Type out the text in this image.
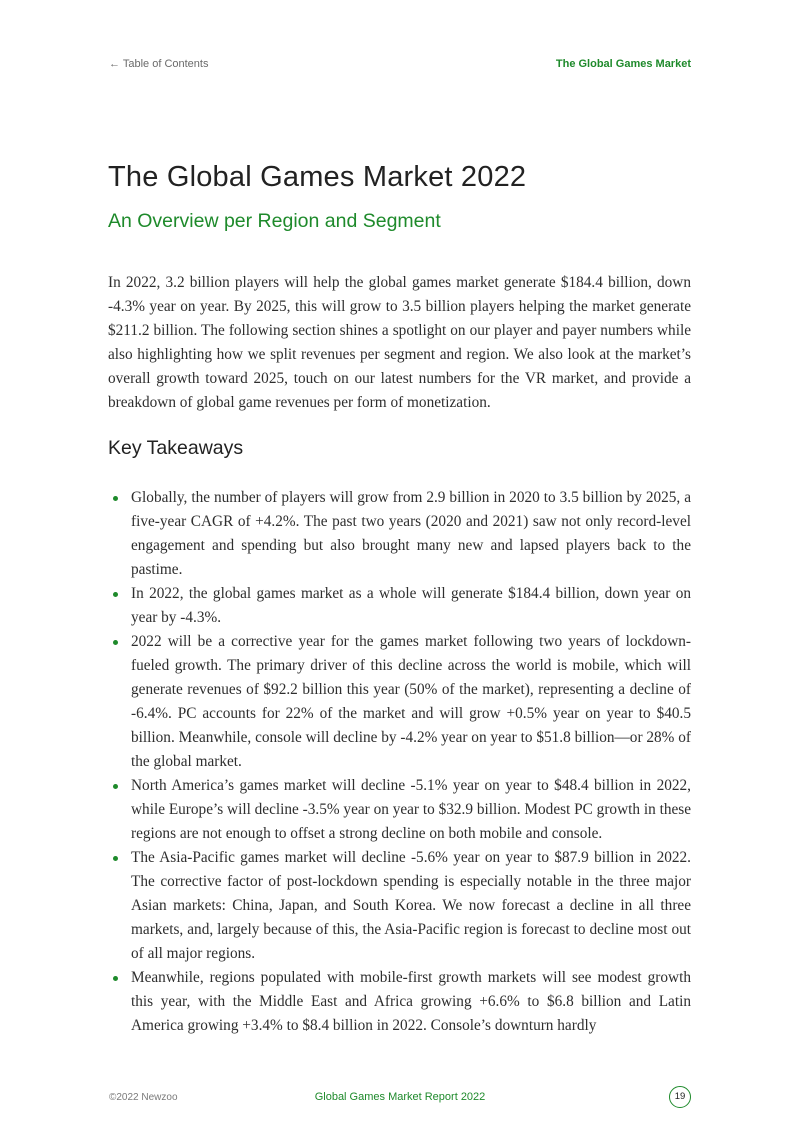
← Table of Contents	The Global Games Market
The Global Games Market 2022
An Overview per Region and Segment

In 2022, 3.2 billion players will help the global games market generate $184.4 billion, down -4.3% year on year. By 2025, this will grow to 3.5 billion players helping the market generate $211.2 billion. The following section shines a spotlight on our player and payer numbers while also highlighting how we split revenues per segment and region. We also look at the market’s overall growth toward 2025, touch on our latest numbers for the VR market, and provide a breakdown of global game revenues per form of monetization.

Key Takeaways
Globally, the number of players will grow from 2.9 billion in 2020 to 3.5 billion by 2025, a five-year CAGR of +4.2%. The past two years (2020 and 2021) saw not only record-level engagement and spending but also brought many new and lapsed players back to the pastime.
In 2022, the global games market as a whole will generate $184.4 billion, down year on year by -4.3%.
2022 will be a corrective year for the games market following two years of lockdown-fueled growth. The primary driver of this decline across the world is mobile, which will generate revenues of $92.2 billion this year (50% of the market), representing a decline of -6.4%. PC accounts for 22% of the market and will grow +0.5% year on year to $40.5 billion. Meanwhile, console will decline by -4.2% year on year to $51.8 billion—or 28% of the global market.
North America’s games market will decline -5.1% year on year to $48.4 billion in 2022, while Europe’s will decline -3.5% year on year to $32.9 billion. Modest PC growth in these regions are not enough to offset a strong decline on both mobile and console.
The Asia-Pacific games market will decline -5.6% year on year to $87.9 billion in 2022. The corrective factor of post-lockdown spending is especially notable in the three major Asian markets: China, Japan, and South Korea. We now forecast a decline in all three markets, and, largely because of this, the Asia-Pacific region is forecast to decline most out of all major regions.
Meanwhile, regions populated with mobile-first growth markets will see modest growth this year, with the Middle East and Africa growing +6.6% to $6.8 billion and Latin America growing +3.4% to $8.4 billion in 2022. Console’s downturn hardly
©2022 Newzoo	Global Games Market Report 2022	19
